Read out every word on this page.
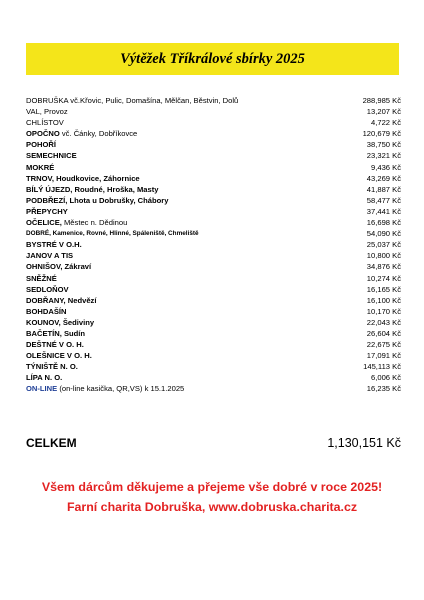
Výtěžek Tříkrálové sbírky 2025
DOBRUŠKA vč.Křovic, Pulic, Domašína, Mělčan, Běstvin, Dolů	288,985 Kč
VAL, Provoz	13,207 Kč
CHLÍSTOV	4,722 Kč
OPOČNO vč. Čánky, Dobříkovce	120,679 Kč
POHOŘÍ	38,750 Kč
SEMECHNICE	23,321 Kč
MOKRÉ	9,436 Kč
TRNOV, Houdkovice, Záhornice	43,269 Kč
BÍLÝ ÚJEZD, Roudné, Hroška, Masty	41,887 Kč
PODBŘEZÍ, Lhota u Dobrušky, Chábory	58,477 Kč
PŘEPYCHY	37,441 Kč
OČELICE, Městec n. Dědinou	16,698 Kč
DOBRÉ, Kamenice, Rovné, Hlinné, Spáleniště, Chmeliště	54,090 Kč
BYSTRÉ V O.H.	25,037 Kč
JANOV A TIS	10,800 Kč
OHNIŠOV, Zákraví	34,876 Kč
SNĚŽNÉ	10,274 Kč
SEDLOŇOV	16,165 Kč
DOBŘANY, Nedvězí	16,100 Kč
BOHDAŠÍN	10,170 Kč
KOUNOV, Šediviny	22,043 Kč
BAČETÍN, Sudín	26,604 Kč
DEŠTNÉ V O. H.	22,675 Kč
OLEŠNICE V O. H.	17,091 Kč
TÝNIŠTĚ N. O.	145,113 Kč
LÍPA N. O.	6,006 Kč
ON-LINE (on-line kasička, QR,VS) k 15.1.2025	16,235 Kč
CELKEM	1,130,151 Kč
Všem dárcům děkujeme a přejeme vše dobré v roce 2025!
Farní charita Dobruška, www.dobruska.charita.cz
